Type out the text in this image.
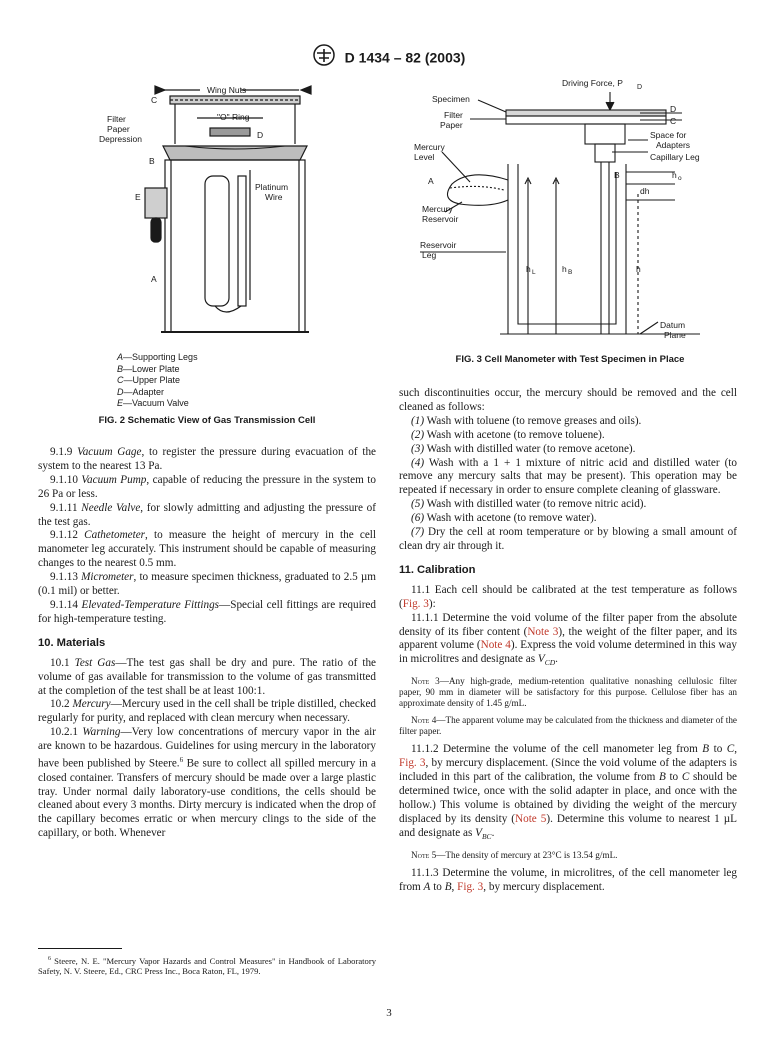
D 1434 – 82 (2003)
Wing Nuts
C
"O" Ring
Filter
Paper
Depression	D
B
Platinum
Wire
E
A
A—Supporting Legs
B—Lower Plate
C—Upper Plate
D—Adapter
E—Vacuum Valve
FIG. 2 Schematic View of Gas Transmission Cell
Driving Force, P D
Specimen
Filter
Paper
D
C
Space for
Adapters
Capillary Leg
Mercury
Level
B	h o
dh
A
Mercury
Reservoir
Reservoir
Leg
h L	h B	h
Datum
Plane
FIG. 3 Cell Manometer with Test Specimen in Place

9.1.9 Vacuum Gage, to register the pressure during evacuation of the system to the nearest 13 Pa.

9.1.10 Vacuum Pump, capable of reducing the pressure in the system to 26 Pa or less.

9.1.11 Needle Valve, for slowly admitting and adjusting the pressure of the test gas.

9.1.12 Cathetometer, to measure the height of mercury in the cell manometer leg accurately. This instrument should be capable of measuring changes to the nearest 0.5 mm.

9.1.13 Micrometer, to measure specimen thickness, graduated to 2.5 µm (0.1 mil) or better.

9.1.14 Elevated-Temperature Fittings—Special cell fittings are required for high-temperature testing.

10. Materials

10.1 Test Gas—The test gas shall be dry and pure. The ratio of the volume of gas available for transmission to the volume of gas transmitted at the completion of the test shall be at least 100:1.

10.2 Mercury—Mercury used in the cell shall be triple distilled, checked regularly for purity, and replaced with clean mercury when necessary.

10.2.1 Warning—Very low concentrations of mercury vapor in the air are known to be hazardous. Guidelines for using mercury in the laboratory have been published by Steere.$^6$ Be sure to collect all spilled mercury in a closed container. Transfers of mercury should be made over a large plastic tray. Under normal daily laboratory-use conditions, the cells should be cleaned about every 3 months. Dirty mercury is indicated when the drop of the capillary becomes erratic or when mercury clings to the side of the capillary, or both. Whenever

$^6$ Steere, N. E. "Mercury Vapor Hazards and Control Measures" in Handbook of Laboratory Safety, N. V. Steere, Ed., CRC Press Inc., Boca Raton, FL, 1979.

such discontinuities occur, the mercury should be removed and the cell cleaned as follows:

(1) Wash with toluene (to remove greases and oils).

(2) Wash with acetone (to remove toluene).

(3) Wash with distilled water (to remove acetone).

(4) Wash with a 1 + 1 mixture of nitric acid and distilled water (to remove any mercury salts that may be present). This operation may be repeated if necessary in order to ensure complete cleaning of glassware.

(5) Wash with distilled water (to remove nitric acid).

(6) Wash with acetone (to remove water).

(7) Dry the cell at room temperature or by blowing a small amount of clean dry air through it.

11. Calibration

11.1 Each cell should be calibrated at the test temperature as follows (Fig. 3):

11.1.1 Determine the void volume of the filter paper from the absolute density of its fiber content (Note 3), the weight of the filter paper, and its apparent volume (Note 4). Express the void volume determined in this way in microlitres and designate as $V_{CD}$.

Note 3—Any high-grade, medium-retention qualitative nonashing cellulosic filter paper, 90 mm in diameter will be satisfactory for this purpose. Cellulose fiber has an approximate density of 1.45 g/mL.

Note 4—The apparent volume may be calculated from the thickness and diameter of the filter paper.

11.1.2 Determine the volume of the cell manometer leg from B to C, Fig. 3, by mercury displacement. (Since the void volume of the adapters is included in this part of the calibration, the volume from B to C should be determined twice, once with the solid adapter in place, and once with the hollow.) This volume is obtained by dividing the weight of the mercury displaced by its density (Note 5). Determine this volume to nearest 1 µL and designate as $V_{BC}$.

Note 5—The density of mercury at 23°C is 13.54 g/mL.

11.1.3 Determine the volume, in microlitres, of the cell manometer leg from A to B, Fig. 3, by mercury displacement.

3
